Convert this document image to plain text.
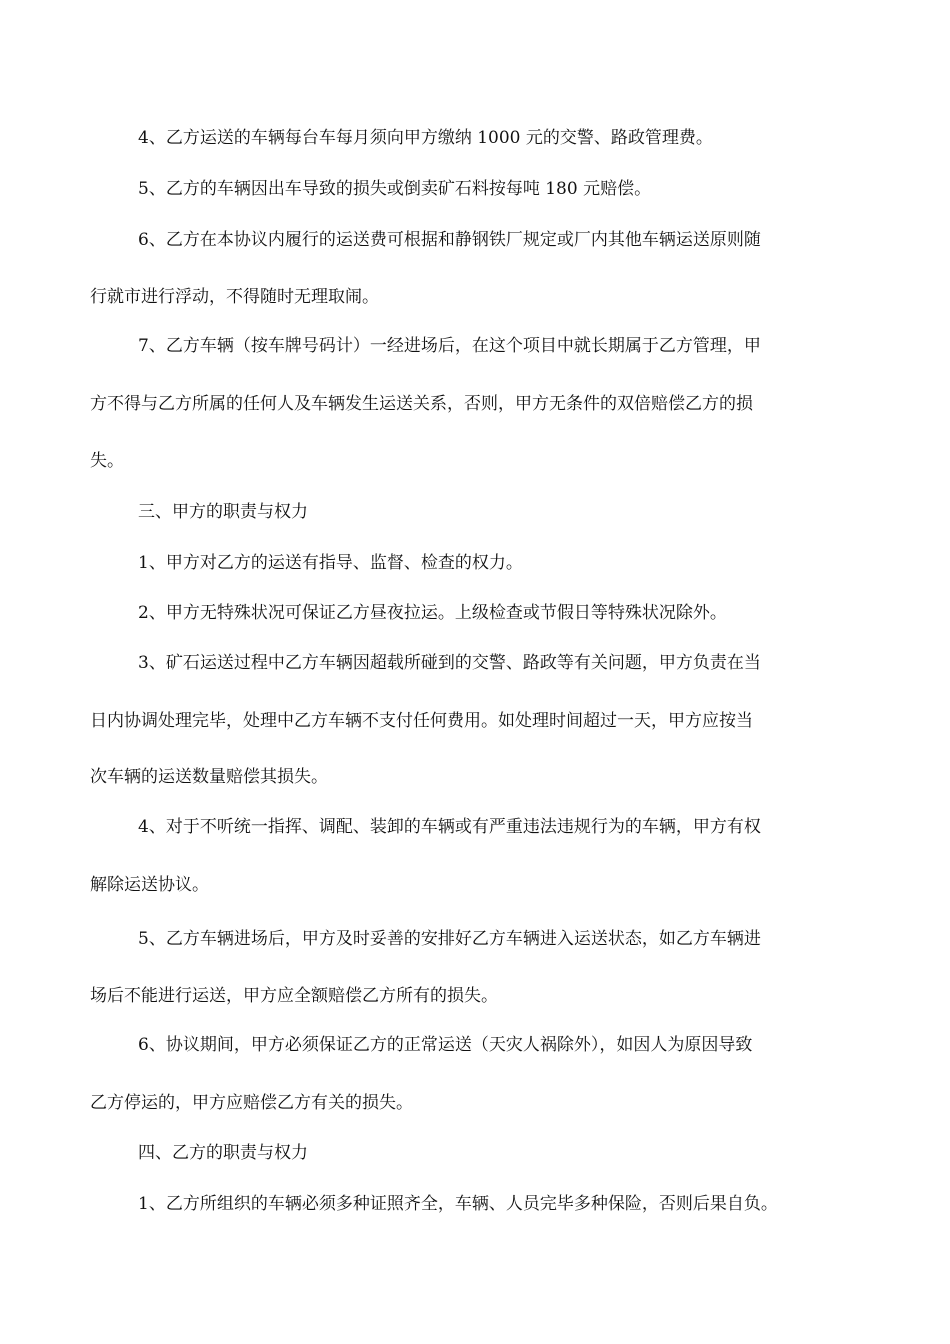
4、乙方运送的车辆每台车每月须向甲方缴纳 1000 元的交警、路政管理费。
5、乙方的车辆因出车导致的损失或倒卖矿石料按每吨 180 元赔偿。
6、乙方在本协议内履行的运送费可根据和静钢铁厂规定或厂内其他车辆运送原则随
行就市进行浮动，不得随时无理取闹。
7、乙方车辆（按车牌号码计）一经进场后，在这个项目中就长期属于乙方管理，甲
方不得与乙方所属的任何人及车辆发生运送关系，否则，甲方无条件的双倍赔偿乙方的损
失。
三、甲方的职责与权力
1、甲方对乙方的运送有指导、监督、检查的权力。
2、甲方无特殊状况可保证乙方昼夜拉运。上级检查或节假日等特殊状况除外。
3、矿石运送过程中乙方车辆因超载所碰到的交警、路政等有关问题，甲方负责在当
日内协调处理完毕，处理中乙方车辆不支付任何费用。如处理时间超过一天，甲方应按当
次车辆的运送数量赔偿其损失。
4、对于不听统一指挥、调配、装卸的车辆或有严重违法违规行为的车辆，甲方有权
解除运送协议。
5、乙方车辆进场后，甲方及时妥善的安排好乙方车辆进入运送状态，如乙方车辆进
场后不能进行运送，甲方应全额赔偿乙方所有的损失。
6、协议期间，甲方必须保证乙方的正常运送（天灾人祸除外），如因人为原因导致
乙方停运的，甲方应赔偿乙方有关的损失。
四、乙方的职责与权力
1、乙方所组织的车辆必须多种证照齐全，车辆、人员完毕多种保险，否则后果自负。
